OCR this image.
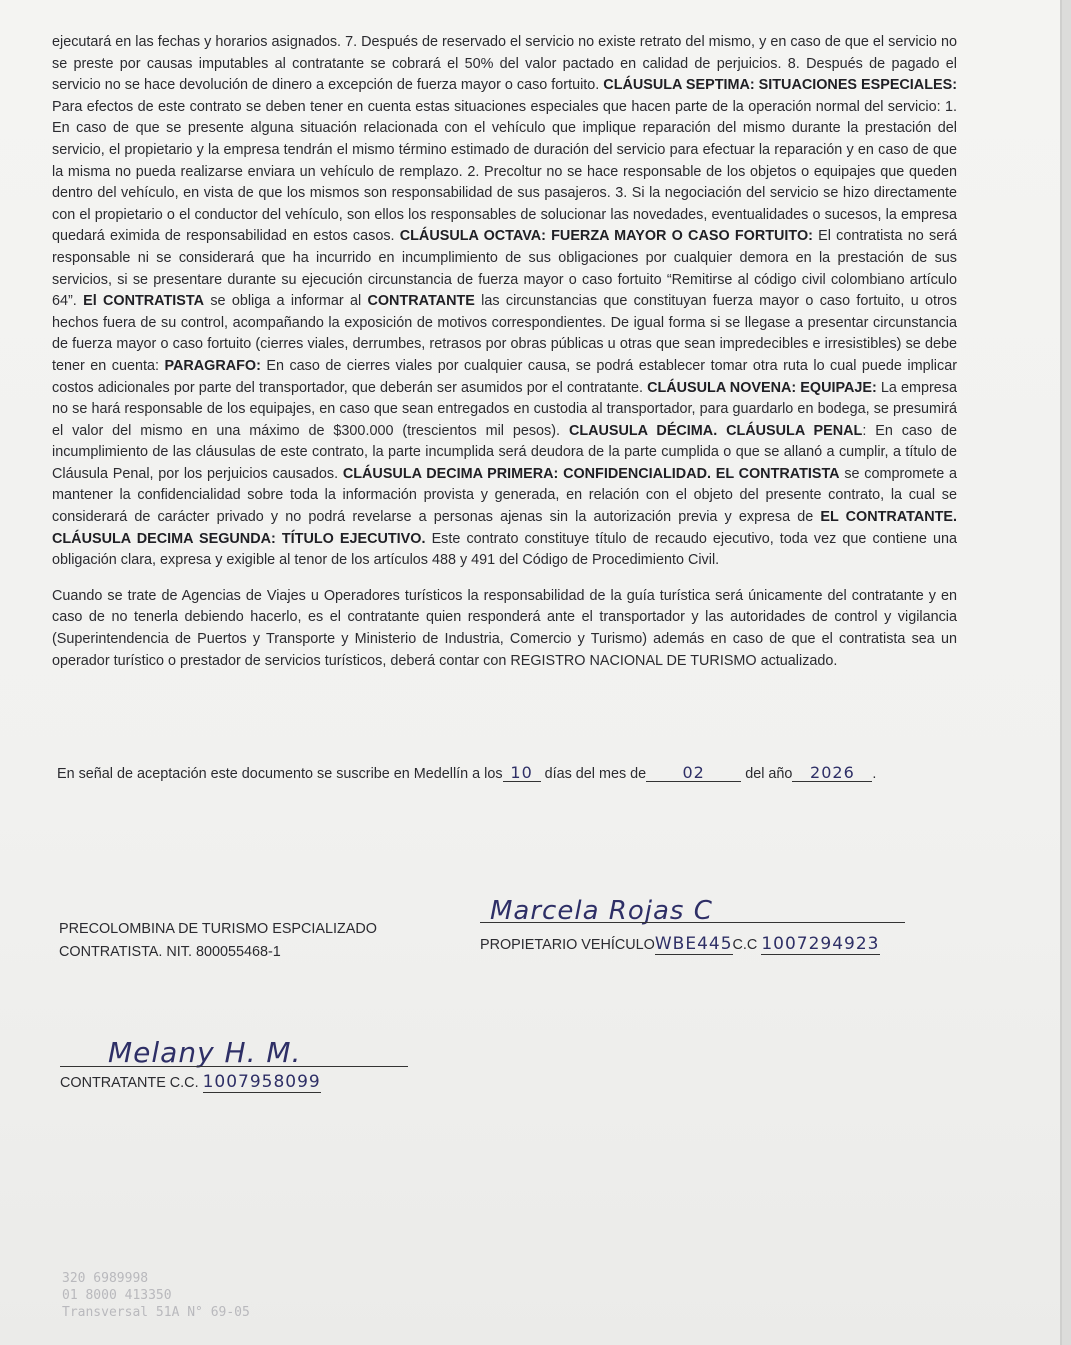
ejecutará en las fechas y horarios asignados. 7. Después de reservado el servicio no existe retrato del mismo, y en caso de que el servicio no se preste por causas imputables al contratante se cobrará el 50% del valor pactado en calidad de perjuicios. 8. Después de pagado el servicio no se hace devolución de dinero a excepción de fuerza mayor o caso fortuito. CLÁUSULA SEPTIMA: SITUACIONES ESPECIALES: Para efectos de este contrato se deben tener en cuenta estas situaciones especiales que hacen parte de la operación normal del servicio: 1. En caso de que se presente alguna situación relacionada con el vehículo que implique reparación del mismo durante la prestación del servicio, el propietario y la empresa tendrán el mismo término estimado de duración del servicio para efectuar la reparación y en caso de que la misma no pueda realizarse enviara un vehículo de remplazo. 2. Precoltur no se hace responsable de los objetos o equipajes que queden dentro del vehículo, en vista de que los mismos son responsabilidad de sus pasajeros. 3. Si la negociación del servicio se hizo directamente con el propietario o el conductor del vehículo, son ellos los responsables de solucionar las novedades, eventualidades o sucesos, la empresa quedará eximida de responsabilidad en estos casos. CLÁUSULA OCTAVA: FUERZA MAYOR O CASO FORTUITO: El contratista no será responsable ni se considerará que ha incurrido en incumplimiento de sus obligaciones por cualquier demora en la prestación de sus servicios, si se presentare durante su ejecución circunstancia de fuerza mayor o caso fortuito “Remitirse al código civil colombiano artículo 64”. El CONTRATISTA se obliga a informar al CONTRATANTE las circunstancias que constituyan fuerza mayor o caso fortuito, u otros hechos fuera de su control, acompañando la exposición de motivos correspondientes. De igual forma si se llegase a presentar circunstancia de fuerza mayor o caso fortuito (cierres viales, derrumbes, retrasos por obras públicas u otras que sean impredecibles e irresistibles) se debe tener en cuenta: PARAGRAFO: En caso de cierres viales por cualquier causa, se podrá establecer tomar otra ruta lo cual puede implicar costos adicionales por parte del transportador, que deberán ser asumidos por el contratante. CLÁUSULA NOVENA: EQUIPAJE: La empresa no se hará responsable de los equipajes, en caso que sean entregados en custodia al transportador, para guardarlo en bodega, se presumirá el valor del mismo en una máximo de $300.000 (trescientos mil pesos). CLAUSULA DÉCIMA. CLÁUSULA PENAL: En caso de incumplimiento de las cláusulas de este contrato, la parte incumplida será deudora de la parte cumplida o que se allanó a cumplir, a título de Cláusula Penal, por los perjuicios causados. CLÁUSULA DECIMA PRIMERA: CONFIDENCIALIDAD. EL CONTRATISTA se compromete a mantener la confidencialidad sobre toda la información provista y generada, en relación con el objeto del presente contrato, la cual se considerará de carácter privado y no podrá revelarse a personas ajenas sin la autorización previa y expresa de EL CONTRATANTE. CLÁUSULA DECIMA SEGUNDA: TÍTULO EJECUTIVO. Este contrato constituye título de recaudo ejecutivo, toda vez que contiene una obligación clara, expresa y exigible al tenor de los artículos 488 y 491 del Código de Procedimiento Civil.

Cuando se trate de Agencias de Viajes u Operadores turísticos la responsabilidad de la guía turística será únicamente del contratante y en caso de no tenerla debiendo hacerlo, es el contratante quien responderá ante el transportador y las autoridades de control y vigilancia (Superintendencia de Puertos y Transporte y Ministerio de Industria, Comercio y Turismo) además en caso de que el contratista sea un operador turístico o prestador de servicios turísticos, deberá contar con REGISTRO NACIONAL DE TURISMO actualizado.

En señal de aceptación este documento se suscribe en Medellín a los 10 días del mes de 02	del año 2026 .
PRECOLOMBINA DE TURISMO ESPCIALIZADO
CONTRATISTA. NIT. 800055468-1
Marcela Rojas C
PROPIETARIO VEHÍCULOWBE445C.C 1007294923
Melany H. M.
CONTRATANTE C.C. 1007958099
320 6989998
01 8000 413350
Transversal 51A N° 69-05
